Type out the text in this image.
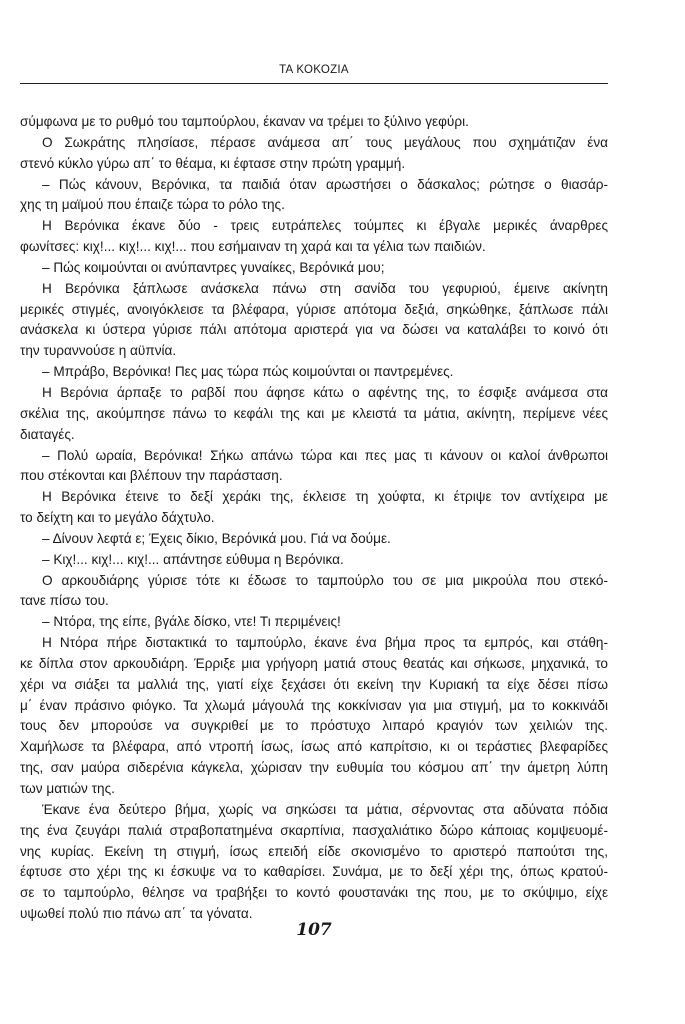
ΤΑ ΚΟΚΟΖΙΑ
σύμφωνα με το ρυθμό του ταμπούρλου, έκαναν να τρέμει το ξύλινο γεφύρι.
Ο Σωκράτης πλησίασε, πέρασε ανάμεσα απ΄ τους μεγάλους που σχημάτιζαν ένα
στενό κύκλο γύρω απ΄ το θέαμα, κι έφτασε στην πρώτη γραμμή.
– Πώς κάνουν, Βερόνικα, τα παιδιά όταν αρωστήσει ο δάσκαλος; ρώτησε ο θιασάρ-
χης τη μαϊμού που έπαιζε τώρα το ρόλο της.
Η Βερόνικα έκανε δύο - τρεις ευτράπελες τούμπες κι έβγαλε μερικές άναρθρες
φωνίτσες: κιχ!... κιχ!... κιχ!... που εσήμαιναν τη χαρά και τα γέλια των παιδιών.
– Πώς κοιμούνται οι ανύπαντρες γυναίκες, Βερόνικά μου;
Η Βερόνικα ξάπλωσε ανάσκελα πάνω στη σανίδα του γεφυριού, έμεινε ακίνητη
μερικές στιγμές, ανοιγόκλεισε τα βλέφαρα, γύρισε απότομα δεξιά, σηκώθηκε, ξάπλωσε πάλι
ανάσκελα κι ύστερα γύρισε πάλι απότομα αριστερά για να δώσει να καταλάβει το κοινό ότι
την τυραννούσε η αϋπνία.
– Μπράβο, Βερόνικα! Πες μας τώρα πώς κοιμούνται οι παντρεμένες.
Η Βερόνια άρπαξε το ραβδί που άφησε κάτω ο αφέντης της, το έσφιξε ανάμεσα στα
σκέλια της, ακούμπησε πάνω το κεφάλι της και με κλειστά τα μάτια, ακίνητη, περίμενε νέες
διαταγές.
– Πολύ ωραία, Βερόνικα! Σήκω απάνω τώρα και πες μας τι κάνουν οι καλοί άνθρωποι
που στέκονται και βλέπουν την παράσταση.
Η Βερόνικα έτεινε το δεξί χεράκι της, έκλεισε τη χούφτα, κι έτριψε τον αντίχειρα με
το δείχτη και το μεγάλο δάχτυλο.
– Δίνουν λεφτά ε; Έχεις δίκιο, Βερόνικά μου. Γιά να δούμε.
– Κιχ!... κιχ!... κιχ!... απάντησε εύθυμα η Βερόνικα.
Ο αρκουδιάρης γύρισε τότε κι έδωσε το ταμπούρλο του σε μια μικρούλα που στεκό-
τανε πίσω του.
– Ντόρα, της είπε, βγάλε δίσκο, ντε! Τι περιμένεις!
Η Ντόρα πήρε διστακτικά το ταμπούρλο, έκανε ένα βήμα προς τα εμπρός, και στάθη-
κε δίπλα στον αρκουδιάρη. Έρριξε μια γρήγορη ματιά στους θεατάς και σήκωσε, μηχανικά, το
χέρι να σιάξει τα μαλλιά της, γιατί είχε ξεχάσει ότι εκείνη την Κυριακή τα είχε δέσει πίσω
μ΄ έναν πράσινο φιόγκο. Τα χλωμά μάγουλά της κοκκίνισαν για μια στιγμή, μα το κοκκινάδι
τους δεν μπορούσε να συγκριθεί με το πρόστυχο λιπαρό κραγιόν των χειλιών της.
Χαμήλωσε τα βλέφαρα, από ντροπή ίσως, ίσως από καπρίτσιο, κι οι τεράστιες βλεφαρίδες
της, σαν μαύρα σιδερένια κάγκελα, χώρισαν την ευθυμία του κόσμου απ΄ την άμετρη λύπη
των ματιών της.
Έκανε ένα δεύτερο βήμα, χωρίς να σηκώσει τα μάτια, σέρνοντας στα αδύνατα πόδια
της ένα ζευγάρι παλιά στραβοπατημένα σκαρπίνια, πασχαλιάτικο δώρο κάποιας κομψευομέ-
νης κυρίας. Εκείνη τη στιγμή, ίσως επειδή είδε σκονισμένο το αριστερό παπούτσι της,
έφτυσε στο χέρι της κι έσκυψε να το καθαρίσει. Συνάμα, με το δεξί χέρι της, όπως κρατού-
σε το ταμπούρλο, θέλησε να τραβήξει το κοντό φουστανάκι της που, με το σκύψιμο, είχε
υψωθεί πολύ πιο πάνω απ΄ τα γόνατα.
107
